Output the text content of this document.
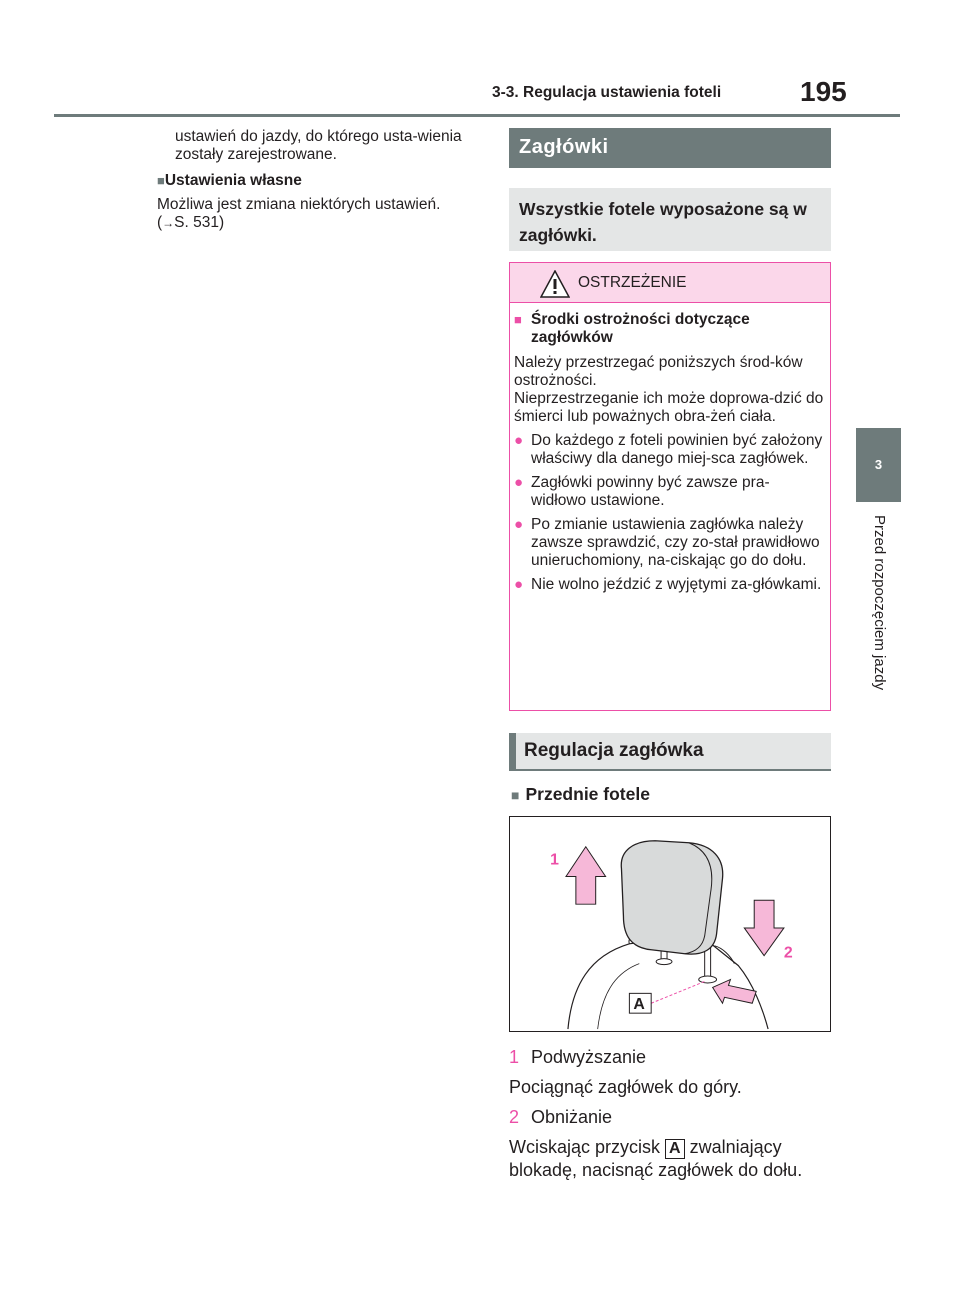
3-3. Regulacja ustawienia foteli	195
3
Przed rozpoczęciem jazdy
ustawień do jazdy, do którego usta-wienia zostały zarejestrowane.
■Ustawienia własne
Możliwa jest zmiana niektórych ustawień.
(→S. 531)
Zagłówki
Wszystkie fotele wyposażone są w zagłówki.
OSTRZEŻENIE
■ Środki ostrożności dotyczące zagłówków
Należy przestrzegać poniższych środ-ków ostrożności.
Nieprzestrzeganie ich może doprowa-dzić do śmierci lub poważnych obra-żeń ciała.
● Do każdego z foteli powinien być założony właściwy dla danego miej-sca zagłówek.
● Zagłówki powinny być zawsze pra-widłowo ustawione.
● Po zmianie ustawienia zagłówka należy zawsze sprawdzić, czy zo-stał prawidłowo unieruchomiony, na-ciskając go do dołu.
● Nie wolno jeździć z wyjętymi za-główkami.
Regulacja zagłówka
■ Przednie fotele
1
2
A
1 Podwyższanie
Pociągnąć zagłówek do góry.
2 Obniżanie
Wciskając przycisk A zwalniający blokadę, nacisnąć zagłówek do dołu.
